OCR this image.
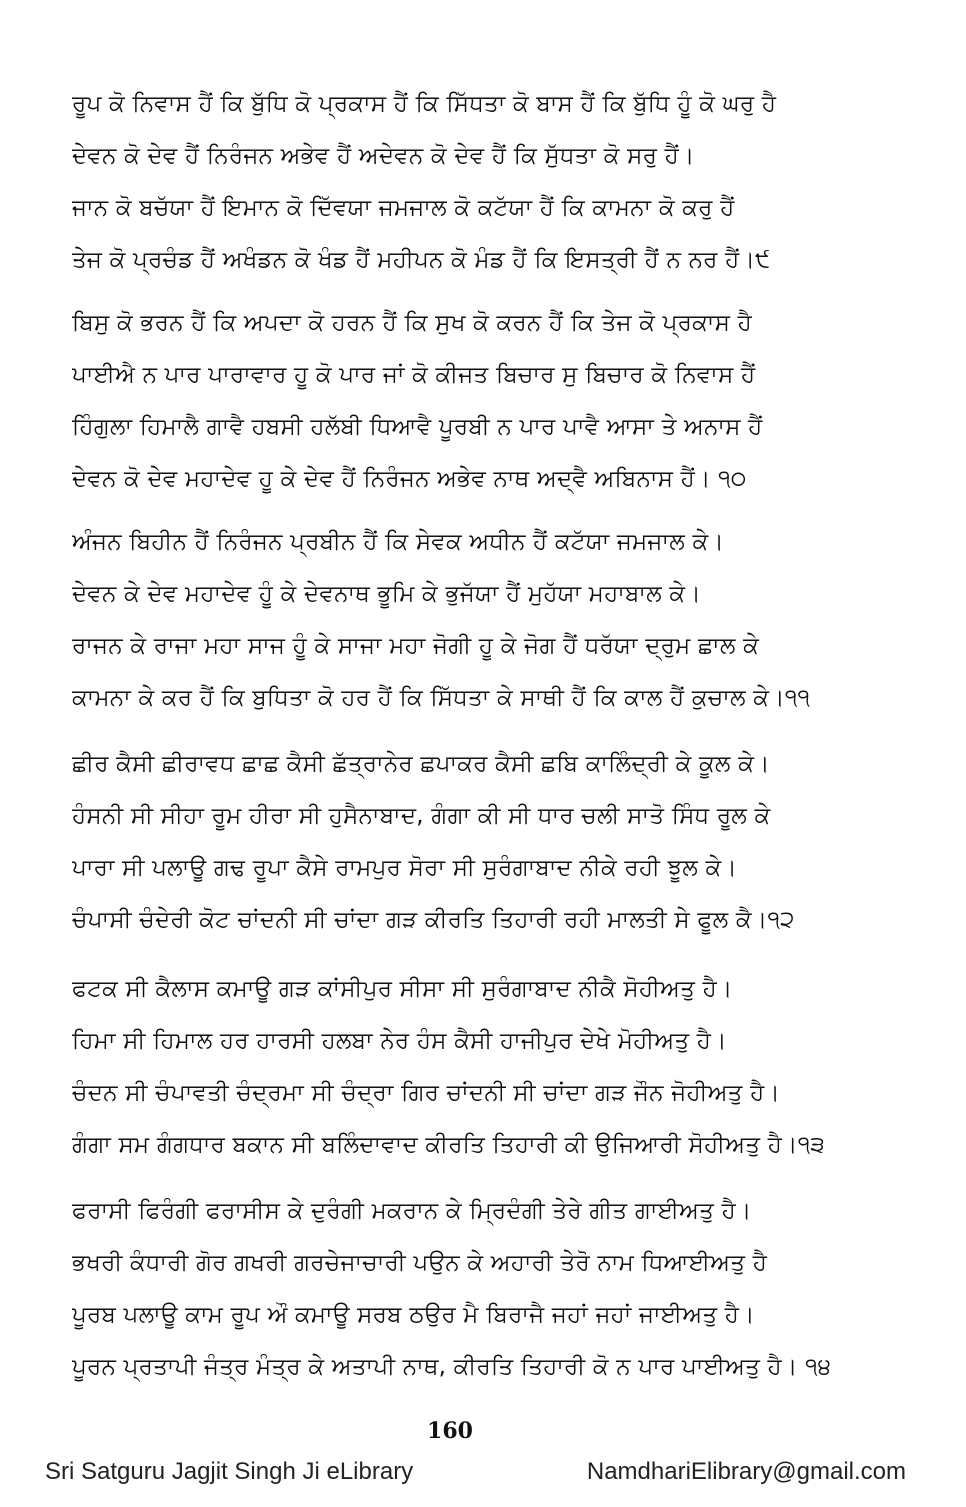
ਰੂਪ ਕੋ ਨਿਵਾਸ ਹੈਂ ਕਿ ਬੁੱਧਿ ਕੋ ਪ੍ਰਕਾਸ ਹੈਂ ਕਿ ਸਿੱਧਤਾ ਕੋ ਬਾਸ ਹੈਂ ਕਿ ਬੁੱਧਿ ਹੂੰ ਕੋ ਘਰੁ ਹੈ
ਦੇਵਨ ਕੋ ਦੇਵ ਹੈਂ ਨਿਰੰਜਨ ਅਭੇਵ ਹੈਂ ਅਦੇਵਨ ਕੋ ਦੇਵ ਹੈਂ ਕਿ ਸੁੱਧਤਾ ਕੋ ਸਰੁ ਹੈਂ।
ਜਾਨ ਕੋ ਬਚੱਯਾ ਹੈਂ ਇਮਾਨ ਕੋ ਦਿੱਵਯਾ ਜਮਜਾਲ ਕੋ ਕਟੱਯਾ ਹੈਂ ਕਿ ਕਾਮਨਾ ਕੋ ਕਰੁ ਹੈਂ
ਤੇਜ ਕੋ ਪ੍ਰਚੰਡ ਹੈਂ ਅਖੰਡਨ ਕੋ ਖੰਡ ਹੈਂ ਮਹੀਪਨ ਕੋ ਮੰਡ ਹੈਂ ਕਿ ਇਸਤ੍ਰੀ ਹੈਂ ਨ ਨਰ ਹੈਂ।੯
ਬਿਸੁ ਕੋ ਭਰਨ ਹੈਂ ਕਿ ਅਪਦਾ ਕੋ ਹਰਨ ਹੈਂ ਕਿ ਸੁਖ ਕੋ ਕਰਨ ਹੈਂ ਕਿ ਤੇਜ ਕੋ ਪ੍ਰਕਾਸ ਹੈ
ਪਾਈਐ ਨ ਪਾਰ ਪਾਰਾਵਾਰ ਹੂ ਕੋ ਪਾਰ ਜਾਂ ਕੋ ਕੀਜਤ ਬਿਚਾਰ ਸੁ ਬਿਚਾਰ ਕੋ ਨਿਵਾਸ ਹੈਂ
ਹਿੰਗੁਲਾ ਹਿਮਾਲੈ ਗਾਵੈ ਹਬਸੀ ਹਲੱਬੀ ਧਿਆਵੈ ਪੂਰਬੀ ਨ ਪਾਰ ਪਾਵੈ ਆਸਾ ਤੇ ਅਨਾਸ ਹੈਂ
ਦੇਵਨ ਕੋ ਦੇਵ ਮਹਾਦੇਵ ਹੂ ਕੇ ਦੇਵ ਹੈਂ ਨਿਰੰਜਨ ਅਭੇਵ ਨਾਥ ਅਦ੍ਵੈ ਅਬਿਨਾਸ ਹੈਂ। ੧੦
ਅੰਜਨ ਬਿਹੀਨ ਹੈਂ ਨਿਰੰਜਨ ਪ੍ਰਬੀਨ ਹੈਂ ਕਿ ਸੇਵਕ ਅਧੀਨ ਹੈਂ ਕਟੱਯਾ ਜਮਜਾਲ ਕੇ।
ਦੇਵਨ ਕੇ ਦੇਵ ਮਹਾਦੇਵ ਹੂੰ ਕੇ ਦੇਵਨਾਥ ਭੂਮਿ ਕੇ ਭੁਜੱਯਾ ਹੈਂ ਮੁਹੱਯਾ ਮਹਾਬਾਲ ਕੇ।
ਰਾਜਨ ਕੇ ਰਾਜਾ ਮਹਾ ਸਾਜ ਹੂੰ ਕੇ ਸਾਜਾ ਮਹਾ ਜੋਗੀ ਹੂ ਕੇ ਜੋਗ ਹੈਂ ਧਰੱਯਾ ਦ੍ਰੁਮ ਛਾਲ ਕੇ
ਕਾਮਨਾ ਕੇ ਕਰ ਹੈਂ ਕਿ ਬੁਧਿਤਾ ਕੋ ਹਰ ਹੈਂ ਕਿ ਸਿੱਧਤਾ ਕੇ ਸਾਥੀ ਹੈਂ ਕਿ ਕਾਲ ਹੈਂ ਕੁਚਾਲ ਕੇ।੧੧
ਛੀਰ ਕੈਸੀ ਛੀਰਾਵਧ ਛਾਛ ਕੈਸੀ ਛੱਤ੍ਰਾਨੇਰ ਛਪਾਕਰ ਕੈਸੀ ਛਬਿ ਕਾਲਿੰਦ੍ਰੀ ਕੇ ਕੂਲ ਕੇ।
ਹੰਸਨੀ ਸੀ ਸੀਹਾ ਰੂਮ ਹੀਰਾ ਸੀ ਹੁਸੈਨਾਬਾਦ, ਗੰਗਾ ਕੀ ਸੀ ਧਾਰ ਚਲੀ ਸਾਤੋ ਸਿੰਧ ਰੂਲ ਕੇ
ਪਾਰਾ ਸੀ ਪਲਾਊ ਗਢ ਰੂਪਾ ਕੈਸੇ ਰਾਮਪੁਰ ਸੋਰਾ ਸੀ ਸੁਰੰਗਾਬਾਦ ਨੀਕੇ ਰਹੀ ਝੂਲ ਕੇ।
ਚੰਪਾਸੀ ਚੰਦੇਰੀ ਕੋਟ ਚਾਂਦਨੀ ਸੀ ਚਾਂਦਾ ਗੜ ਕੀਰਤਿ ਤਿਹਾਰੀ ਰਹੀ ਮਾਲਤੀ ਸੇ ਫੂਲ ਕੈ।੧੨
ਫਟਕ ਸੀ ਕੈਲਾਸ ਕਮਾਊ ਗੜ ਕਾਂਸੀਪੁਰ ਸੀਸਾ ਸੀ ਸੁਰੰਗਾਬਾਦ ਨੀਕੈ ਸੋਹੀਅਤੁ ਹੈ।
ਹਿਮਾ ਸੀ ਹਿਮਾਲ ਹਰ ਹਾਰਸੀ ਹਲਬਾ ਨੇਰ ਹੰਸ ਕੈਸੀ ਹਾਜੀਪੁਰ ਦੇਖੇ ਮੋਹੀਅਤੁ ਹੈ।
ਚੰਦਨ ਸੀ ਚੰਪਾਵਤੀ ਚੰਦ੍ਰਮਾ ਸੀ ਚੰਦ੍ਰਾ ਗਿਰ ਚਾਂਦਨੀ ਸੀ ਚਾਂਦਾ ਗੜ ਜੌਨ ਜੋਹੀਅਤੁ ਹੈ।
ਗੰਗਾ ਸਮ ਗੰਗਧਾਰ ਬਕਾਨ ਸੀ ਬਲਿੰਦਾਵਾਦ ਕੀਰਤਿ ਤਿਹਾਰੀ ਕੀ ਉਜਿਆਰੀ ਸੋਹੀਅਤੁ ਹੈ।੧੩
ਫਰਾਸੀ ਫਿਰੰਗੀ ਫਰਾਸੀਸ ਕੇ ਦੁਰੰਗੀ ਮਕਰਾਨ ਕੇ ਮ੍ਰਿਦੰਗੀ ਤੇਰੇ ਗੀਤ ਗਾਈਅਤੁ ਹੈ।
ਭਖਰੀ ਕੰਧਾਰੀ ਗੋਰ ਗਖਰੀ ਗਰਚੇਜਾਚਾਰੀ ਪਉਨ ਕੇ ਅਹਾਰੀ ਤੇਰੋ ਨਾਮ ਧਿਆਈਅਤੁ ਹੈ
ਪੂਰਬ ਪਲਾਊ ਕਾਮ ਰੂਪ ਔ ਕਮਾਊ ਸਰਬ ਠਉਰ ਮੈ ਬਿਰਾਜੈ ਜਹਾਂ ਜਹਾਂ ਜਾਈਅਤੁ ਹੈ।
ਪੂਰਨ ਪ੍ਰਤਾਪੀ ਜੰਤ੍ਰ ਮੰਤ੍ਰ ਕੇ ਅਤਾਪੀ ਨਾਥ, ਕੀਰਤਿ ਤਿਹਾਰੀ ਕੋ ਨ ਪਾਰ ਪਾਈਅਤੁ ਹੈ। ੧੪
160
Sri Satguru Jagjit Singh Ji eLibrary	NamdhariElibrary@gmail.com
